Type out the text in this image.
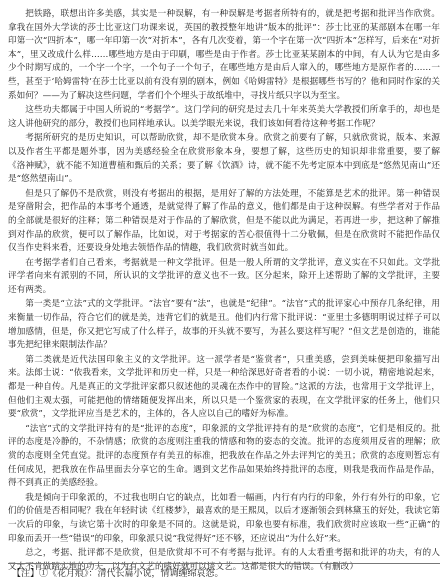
把铁路，联想出许多美感，其实是一种误解，有一种误解是考据者所特有的，就是把考据和批评当作欣赏。拿我在国外大学读的莎士比亚这门功课来说，英国的教授整年地讲“版本的批评”：莎士比亚的某部剧本在哪一年印第一次“四折本”，哪一年印第一次“对折本”，各有几次变着，第一个字在第一次“四折本”怎样写，后来在“对折本”，里又改成什么样……哪些地方是由于印刷，哪些是由于作者。莎士比亚某某剧本的中间，有人认为它是由多少个时期写成的，一个字一个字，一个句子一个句子，在哪些地方是由后人窜入的，哪些地方是原作者的……一些，甚至于‘哈姆雷特’在莎士比亚以前有没有别的剧本，例如《哈姆雷特》是根据哪些书写的？他和同时作家的关系如何？——为了解决这些问题，学者们个个埋头于故纸堆中，寻找片纸只字以为至宝。

这些功夫都属于中国人所说的“考据学”。这门学问的研究是过去几十年来英美大学教授们所拿手的，却也是这人讲他研究的部分，教授们也同样地承认。以美学眼光来说，我们该如何看待这种考据工作呢？

考据所研究的是历史知识，可以帮助欣赏，却不是欣赏本身。欣赏之前要有了解，只就欣赏说，版本、来源以及作者生平都是题外事，因为美感经验全在欣赏形象本身，要想了解，这些历史的知识却非常重要，要了解《洛神赋》，就不能不知道曹植和甄后的关系；要了解《饮酒》诗，就不能不先考定原本中到底是“悠然见南山”还是“悠然望南山”。

但是只了解仍不是欣赏，则没有考据出的根据，是用好了解的方法处理，不能算是艺术的批评。第一种错误是穿凿附会，把作品的本事考个通透，是就觉得了解了作品的意义，他们都是由于这种误解。有些学者对于作品的全部就是很好的注释；第二种错误是对于作品的了解欣赏，但是不能以此为满足，若再进一步，把这种了解推到对作品的欣赏，便可以了解作品，比如说，对于考据家的苦心很值得十二分敬佩，但是在欣赏时不能把作品仅仅当作史料来看，还要设身处地去领悟作品的情趣，我们欣赏时就当如此。

在考据学者们自己看来，考据就是一种文学批评。但是一般人所谓的文学批评，意义实在不只如此。文学批评学者向来有派别的不同，所认识的文学批评的意义也不一致。区分起来，除开上述帮助了解的文学批评，主要还有两类。

第一类是“立法”式的文学批评。“法官”要有“法”，也就是“纪律”。“法官”式的批评家心中预存几条纪律，用来衡量一切作品，符合它们的就是美，违背它们的就是丑。他们内行常下批评说：“亚里士多德明明说过样子可以增加感情，但是，你又把它写成了什么样子，故事的开头就不要写，为甚么要这样写呢？”但文艺是创造的，谁能事先把纪律来限制法作品？

第二类就是近代法国印象主义的文学批评。这一派学者是“鉴赏者”，只重美感，尝到美味便把印象描写出来。法郎士说：“依我看来，文学批评和历史一样，只是一种给深思好奇者看的小说：一切小说，精密地说起来，都是一种自传。凡是真正的文学批评家都只叙述他的灵魂在杰作中的冒险。”这派的方法，也常用于文学批评上，但他们主观太强，可能把他的情绪随便发挥出来，所以只是一个鉴赏家的表现，在文学批评家的任务上，他们只要“欣赏”，文学批评应当是艺术的，主体的，各人应以自己的嗜好为标准。

“法官”式的文学批评持有的是“批评的态度”，印象派的文学批评持有的是“欣赏的态度”，它们是相反的。批评的态度是冷静的，不杂情感；欣赏的态度则注重我的情感和物的姿态的交流。批评的态度须用反省的理解；欣赏的态度则全凭直觉。批评的态度预存有美丑的标准，把我放在作品之外去评判它的美丑；欣赏的态度则暂忘有任何成见，把我放在作品里面去分享它的生命。遇到文艺作品如果始终持批评的态度，则我是我而作品是作品，得不到真正的美感经验。

我是倾向于印象派的，不过我也明白它的缺点，比如看一幅画，内行有内行的印象，外行有外行的印象，它们的价值是否相同呢？我在年轻时读《红楼梦》，最喜欢的是王熙凤，以后才逐渐领会到林黛玉的好处，我读它第一次后的印象，与读它第十次时的印象是不同的。这就是说，印象也要有标准，我们欣赏时应该取一些“正确”的印象而丢开一些“错误”的印象，印象派只说“我觉得好”还不够，还应说出“为什么好”来。

总之，考据、批评都不是欣赏，但是欣赏却不可不有考据与批评。有的人太看重考据和批评的功夫，有的人又太不肯做踏实地的功夫，以为有文艺的嗜好就可以谈文艺。这都是很大的错误。（有删改）

【注】①《花月痕》：清代长篇小说，情调缠绵哀怨。
